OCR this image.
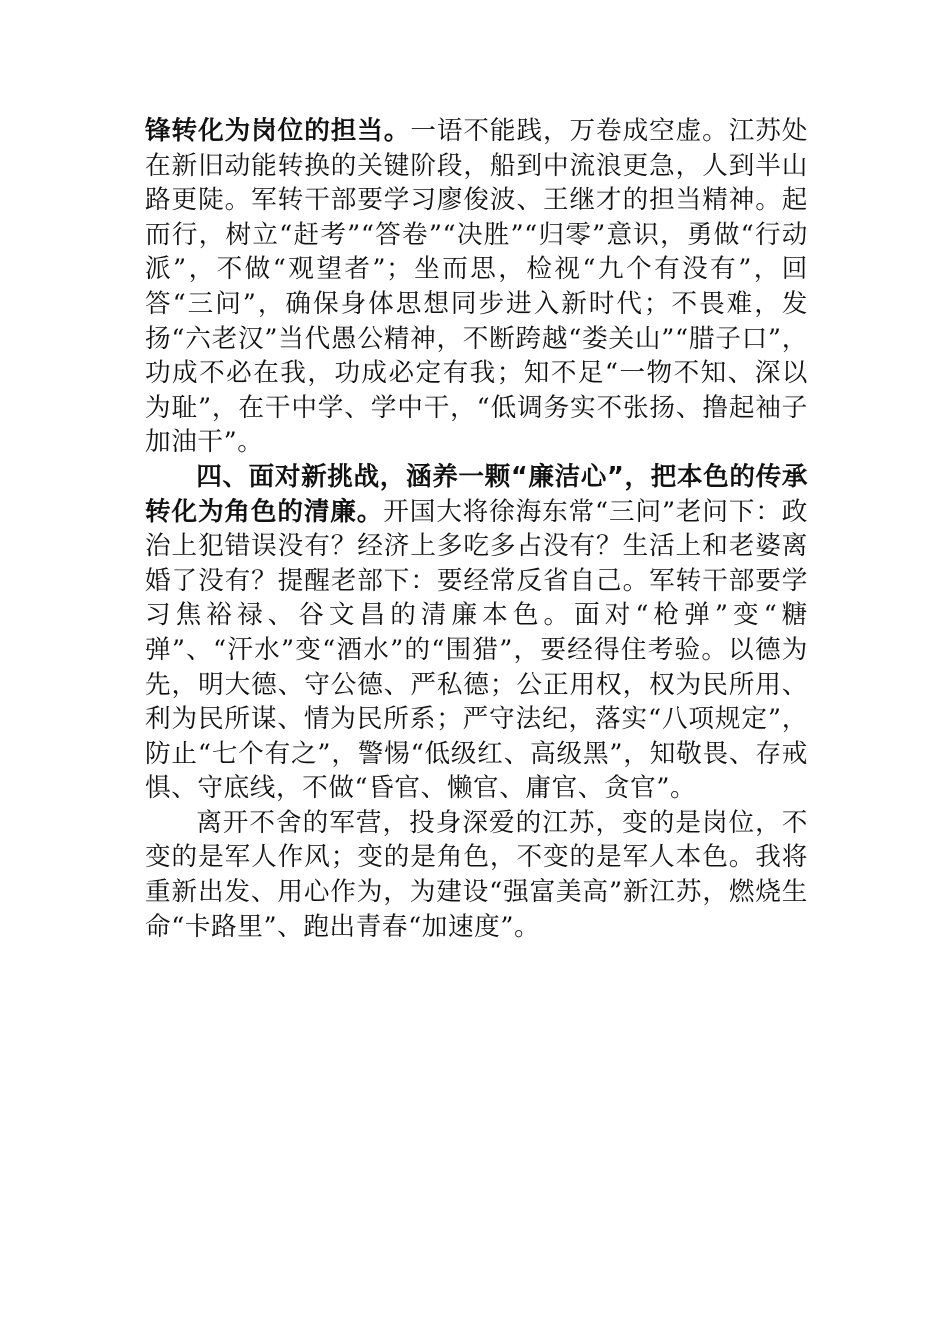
锋转化为岗位的担当。一语不能践，万卷成空虚。江苏处在新旧动能转换的关键阶段，船到中流浪更急，人到半山路更陡。军转干部要学习廖俊波、王继才的担当精神。起而行，树立“赶考”“答卷”“决胜”“归零”意识，勇做“行动派”，不做“观望者”；坐而思，检视“九个有没有”，回答“三问”，确保身体思想同步进入新时代；不畏难，发扬“六老汉”当代愚公精神，不断跨越“娄关山”“腊子口”，功成不必在我，功成必定有我；知不足“一物不知、深以为耻”，在干中学、学中干，“低调务实不张扬、撸起袖子加油干”。

四、面对新挑战，涵养一颗“廉洁心”，把本色的传承转化为角色的清廉。开国大将徐海东常“三问”老问下：政治上犯错误没有？经济上多吃多占没有？生活上和老婆离婚了没有？提醒老部下：要经常反省自己。军转干部要学习焦裕禄、谷文昌的清廉本色。面对“枪弹”变“糖弹”、“汗水”变“酒水”的“围猎”，要经得住考验。以德为先，明大德、守公德、严私德；公正用权，权为民所用、利为民所谋、情为民所系；严守法纪，落实“八项规定”，防止“七个有之”，警惕“低级红、高级黑”，知敬畏、存戒惧、守底线，不做“昏官、懒官、庸官、贪官”。

离开不舍的军营，投身深爱的江苏，变的是岗位，不变的是军人作风；变的是角色，不变的是军人本色。我将重新出发、用心作为，为建设“强富美高”新江苏，燃烧生命“卡路里”、跑出青春“加速度”。
